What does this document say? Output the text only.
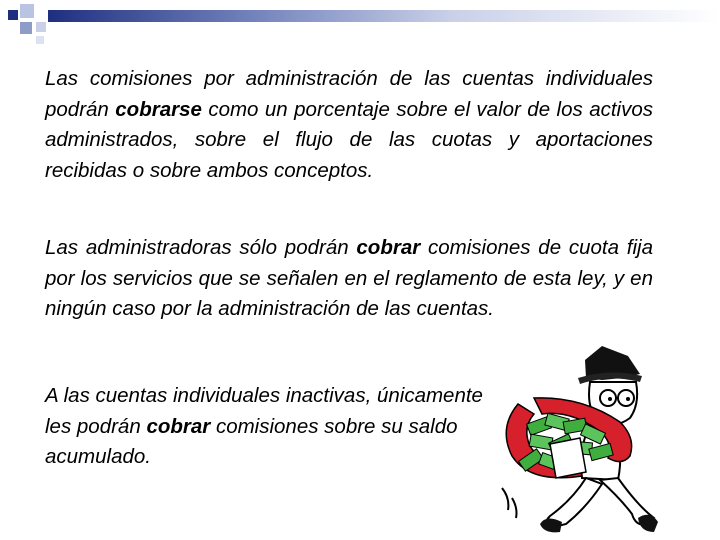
Las comisiones por administración de las cuentas individuales podrán cobrarse como un porcentaje sobre el valor de los activos administrados, sobre el flujo de las cuotas y aportaciones recibidas o sobre ambos conceptos.

Las administradoras sólo podrán cobrar comisiones de cuota fija por los servicios que se señalen en el reglamento de esta ley, y en ningún caso por la administración de las cuentas.

A las cuentas individuales inactivas, únicamente les podrán cobrar comisiones sobre su saldo acumulado.
